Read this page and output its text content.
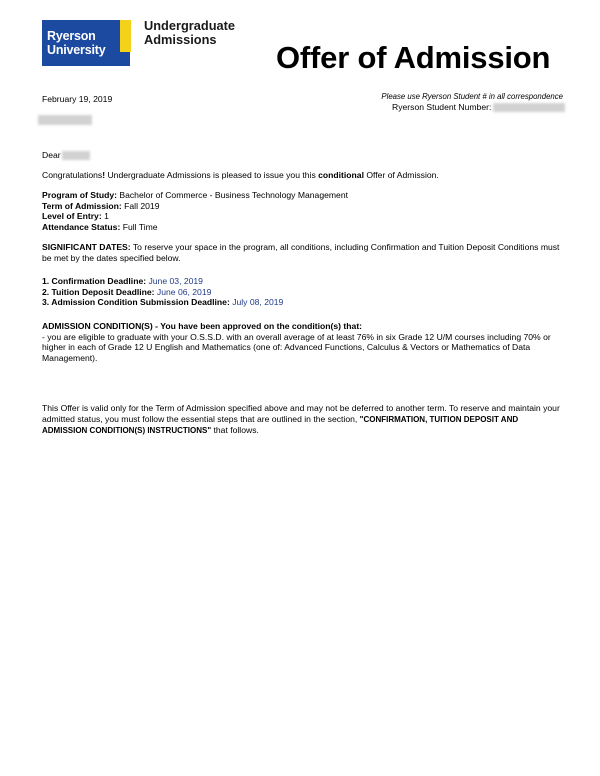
Ryerson
University
Undergraduate
Admissions
Offer of Admission
February 19, 2019	Please use Ryerson Student # in all correspondence
Ryerson Student Number:
Dear

Congratulations! Undergraduate Admissions is pleased to issue you this conditional Offer of Admission.

Program of Study: Bachelor of Commerce - Business Technology Management
Term of Admission: Fall 2019
Level of Entry: 1
Attendance Status: Full Time

SIGNIFICANT DATES: To reserve your space in the program, all conditions, including Confirmation and Tuition Deposit Conditions must be met by the dates specified below.

1. Confirmation Deadline: June 03, 2019
2. Tuition Deposit Deadline: June 06, 2019
3. Admission Condition Submission Deadline: July 08, 2019
ADMISSION CONDITION(S) - You have been approved on the condition(s) that:
- you are eligible to graduate with your O.S.S.D. with an overall average of at least 76% in six Grade 12 U/M courses including 70% or higher in each of Grade 12 U English and Mathematics (one of: Advanced Functions, Calculus & Vectors or Mathematics of Data Management).

This Offer is valid only for the Term of Admission specified above and may not be deferred to another term. To reserve and maintain your admitted status, you must follow the essential steps that are outlined in the section, "CONFIRMATION, TUITION DEPOSIT AND ADMISSION CONDITION(S) INSTRUCTIONS" that follows.
